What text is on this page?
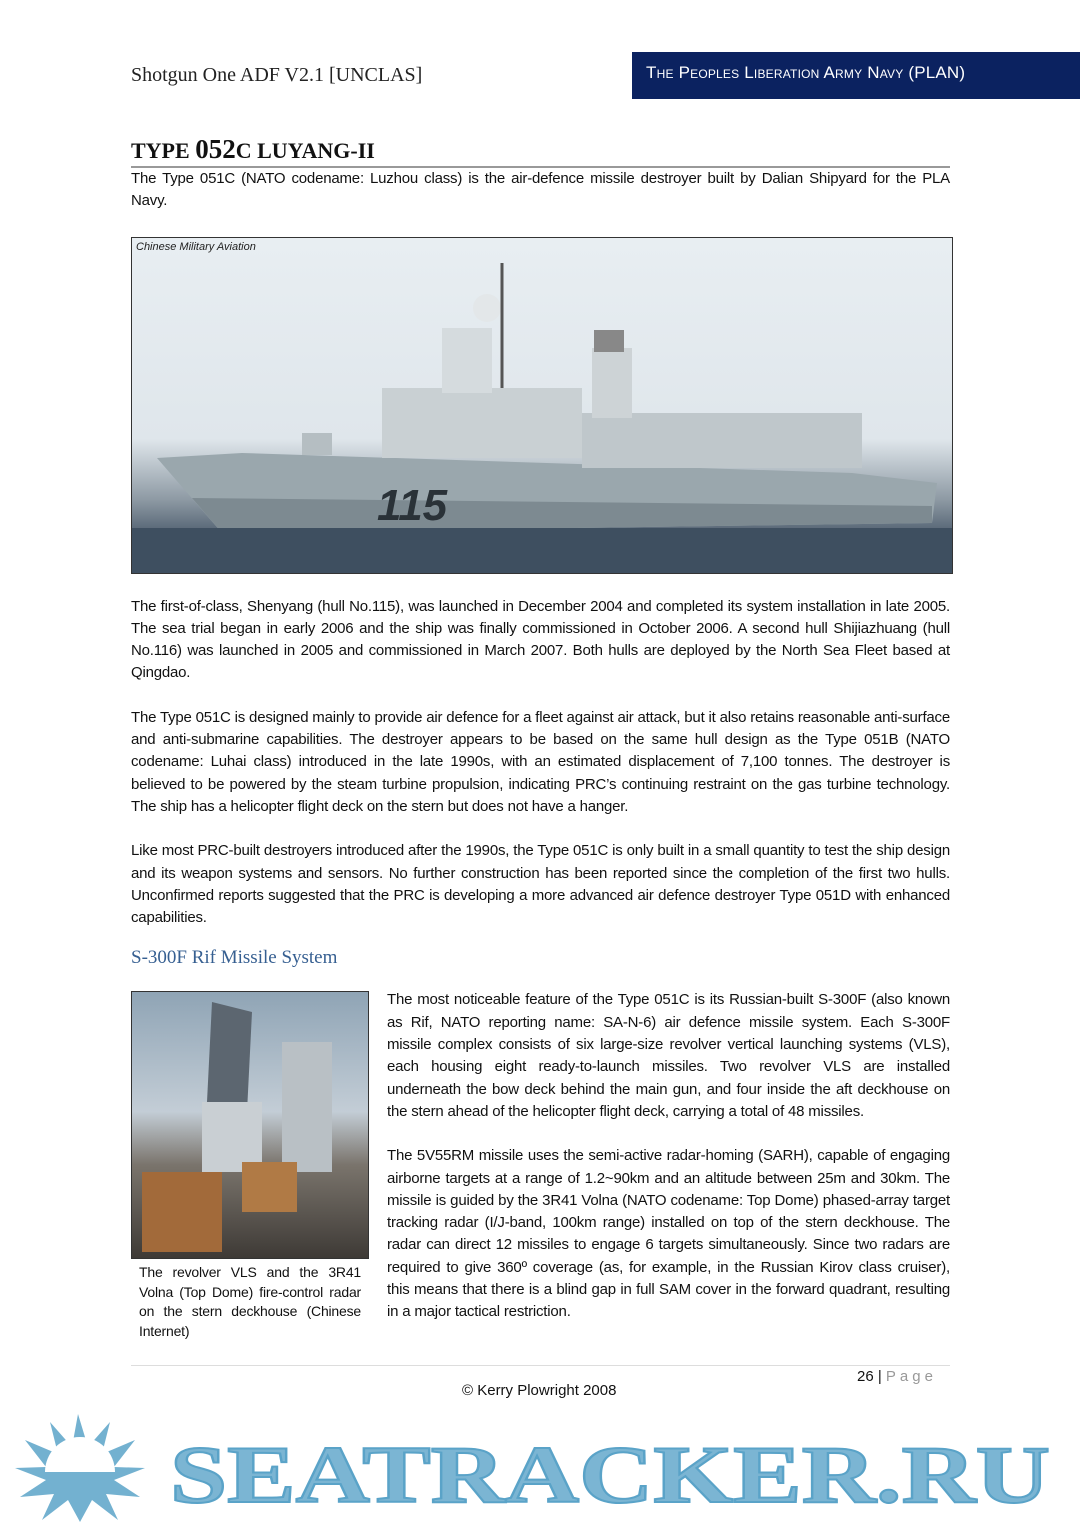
Shotgun One ADF V2.1 [UNCLAS]	The Peoples Liberation Army Navy (PLAN)
TYPE 052C LUYANG-II

The Type 051C (NATO codename: Luzhou class) is the air-defence missile destroyer built by Dalian Shipyard for the PLA Navy.

115
Chinese Military Aviation

The first-of-class, Shenyang (hull No.115), was launched in December 2004 and completed its system installation in late 2005. The sea trial began in early 2006 and the ship was finally commissioned in October 2006. A second hull Shijiazhuang (hull No.116) was launched in 2005 and commissioned in March 2007. Both hulls are deployed by the North Sea Fleet based at Qingdao.

The Type 051C is designed mainly to provide air defence for a fleet against air attack, but it also retains reasonable anti-surface and anti-submarine capabilities. The destroyer appears to be based on the same hull design as the Type 051B (NATO codename: Luhai class) introduced in the late 1990s, with an estimated displacement of 7,100 tonnes. The destroyer is believed to be powered by the steam turbine propulsion, indicating PRC’s continuing restraint on the gas turbine technology. The ship has a helicopter flight deck on the stern but does not have a hanger.

Like most PRC-built destroyers introduced after the 1990s, the Type 051C is only built in a small quantity to test the ship design and its weapon systems and sensors. No further construction has been reported since the completion of the first two hulls. Unconfirmed reports suggested that the PRC is developing a more advanced air defence destroyer Type 051D with enhanced capabilities.

S-300F Rif Missile System
The revolver VLS and the 3R41 Volna (Top Dome) fire-control radar on the stern deckhouse (Chinese Internet)

The most noticeable feature of the Type 051C is its Russian-built S-300F (also known as Rif, NATO reporting name: SA-N-6) air defence missile system. Each S-300F missile complex consists of six large-size revolver vertical launching systems (VLS), each housing eight ready-to-launch missiles. Two revolver VLS are installed underneath the bow deck behind the main gun, and four inside the aft deckhouse on the stern ahead of the helicopter flight deck, carrying a total of 48 missiles.

The 5V55RM missile uses the semi-active radar-homing (SARH), capable of engaging airborne targets at a range of 1.2~90km and an altitude between 25m and 30km. The missile is guided by the 3R41 Volna (NATO codename: Top Dome) phased-array target tracking radar (I/J-band, 100km range) installed on top of the stern deckhouse. The radar can direct 12 missiles to engage 6 targets simultaneously. Since two radars are required to give 360º coverage (as, for example, in the Russian Kirov class cruiser), this means that there is a blind gap in full SAM cover in the forward quadrant, resulting in a major tactical restriction.

© Kerry Plowright 2008
26 | Page
SEATRACKER.RU
